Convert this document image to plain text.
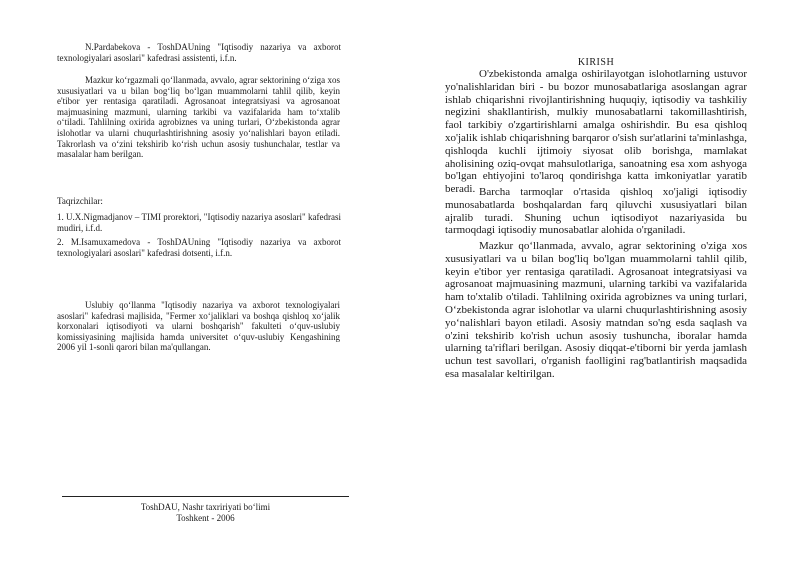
N.Pardabekova - ToshDAUning "Iqtisodiy nazariya va axborot texnologiyalari asoslari" kafedrasi assistenti, i.f.n.

Mazkur ko‘rgazmali qo‘llanmada, avvalo, agrar sektorining o‘ziga xos xususiyatlari va u bilan bog‘liq bo‘lgan muammolarni tahlil qilib, keyin e'tibor yer rentasiga qaratiladi. Agrosanoat integratsiyasi va agrosanoat majmuasining mazmuni, ularning tarkibi va vazifalarida ham to‘xtalib o‘tiladi. Tahlilning oxirida agrobiznes va uning turlari, O‘zbekistonda agrar islohotlar va ularni chuqurlashtirishning asosiy yo‘nalishlari bayon etiladi. Takrorlash va o‘zini tekshirib ko‘rish uchun asosiy tushunchalar, testlar va masalalar ham berilgan.

Taqrizchilar:

1. U.X.Nigmadjanov – TIMI prorektori, "Iqtisodiy nazariya asoslari" kafedrasi mudiri, i.f.d.

2. M.Isamuxamedova - ToshDAUning "Iqtisodiy nazariya va axborot texnologiyalari asoslari" kafedrasi dotsenti, i.f.n.

Uslubiy qo‘llanma "Iqtisodiy nazariya va axborot texnologiyalari asoslari" kafedrasi majlisida, "Fermer xo‘jaliklari va boshqa qishloq xo‘jalik korxonalari iqtisodiyoti va ularni boshqarish" fakulteti o‘quv-uslubiy komissiyasining majlisida hamda universitet o‘quv-uslubiy Kengashining 2006 yil 1-sonli qarori bilan ma'qullangan.

ToshDAU, Nashr taxririyati bo‘limi
Toshkent - 2006
KIRISH

O'zbekistonda amalga oshirilayotgan islohotlarning ustuvor yo'nalishlaridan biri - bu bozor munosabatlariga asoslangan agrar ishlab chiqarishni rivojlantirishning huquqiy, iqtisodiy va tashkiliy negizini shakllantirish, mulkiy munosabatlarni takomillashtirish, faol tarkibiy o'zgartirishlarni amalga oshirishdir. Bu esa qishloq xo'jalik ishlab chiqarishning barqaror o'sish sur'atlarini ta'minlashga, qishloqda kuchli ijtimoiy siyosat olib borishga, mamlakat aholisining oziq-ovqat mahsulotlariga, sanoatning esa xom ashyoga bo'lgan ehtiyojini to'laroq qondirishga katta imkoniyatlar yaratib beradi. Barcha tarmoqlar o'rtasida qishloq xo'jaligi iqtisodiy munosabatlarda boshqalardan farq qiluvchi xususiyatlari bilan ajralib turadi. Shuning uchun iqtisodiyot nazariyasida bu tarmoqdagi iqtisodiy munosabatlar alohida o'rganiladi.

Mazkur qo‘llanmada, avvalo, agrar sektorining o'ziga xos xususiyatlari va u bilan bog'liq bo'lgan muammolarni tahlil qilib, keyin e'tibor yer rentasiga qaratiladi. Agrosanoat integratsiyasi va agrosanoat majmuasining mazmuni, ularning tarkibi va vazifalarida ham to'xtalib o'tiladi. Tahlilning oxirida agrobiznes va uning turlari, O‘zbekistonda agrar islohotlar va ularni chuqurlashtirishning asosiy yo‘nalishlari bayon etiladi. Asosiy matndan so'ng esda saqlash va o'zini tekshirib ko'rish uchun asosiy tushuncha, iboralar hamda ularning ta'riflari berilgan. Asosiy diqqat-e'tiborni bir yerda jamlash uchun test savollari, o'rganish faolligini rag'batlantirish maqsadida esa masalalar keltirilgan.
